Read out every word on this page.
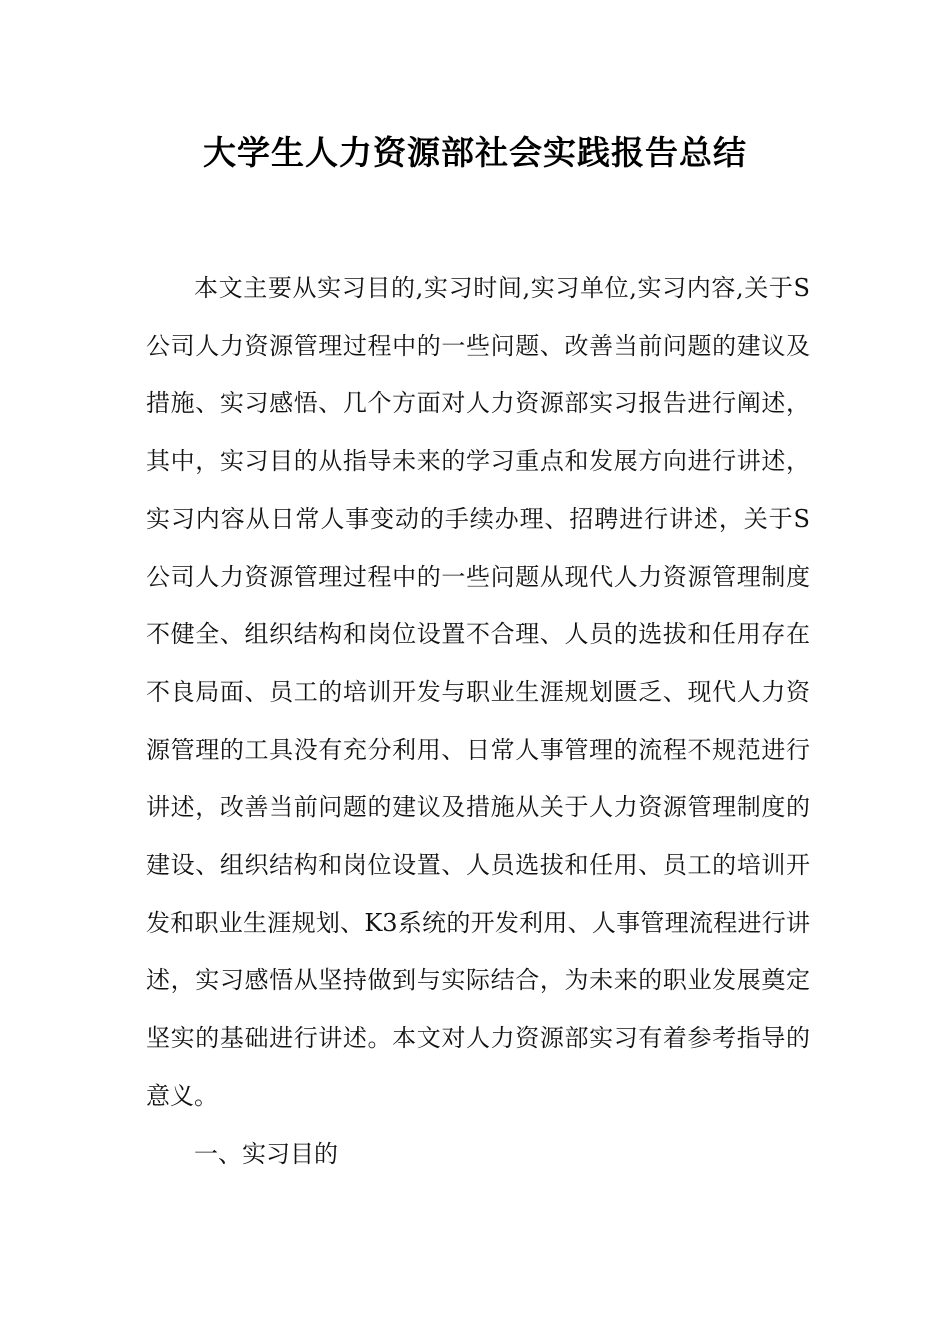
大学生人力资源部社会实践报告总结

本文主要从实习目的,实习时间,实习单位,实习内容,关于S公司人力资源管理过程中的一些问题、改善当前问题的建议及措施、实习感悟、几个方面对人力资源部实习报告进行阐述，其中，实习目的从指导未来的学习重点和发展方向进行讲述，实习内容从日常人事变动的手续办理、招聘进行讲述，关于S公司人力资源管理过程中的一些问题从现代人力资源管理制度不健全、组织结构和岗位设置不合理、人员的选拔和任用存在不良局面、员工的培训开发与职业生涯规划匮乏、现代人力资源管理的工具没有充分利用、日常人事管理的流程不规范进行讲述，改善当前问题的建议及措施从关于人力资源管理制度的建设、组织结构和岗位设置、人员选拔和任用、员工的培训开发和职业生涯规划、K3系统的开发利用、人事管理流程进行讲述，实习感悟从坚持做到与实际结合，为未来的职业发展奠定坚实的基础进行讲述。本文对人力资源部实习有着参考指导的意义。

一、实习目的
